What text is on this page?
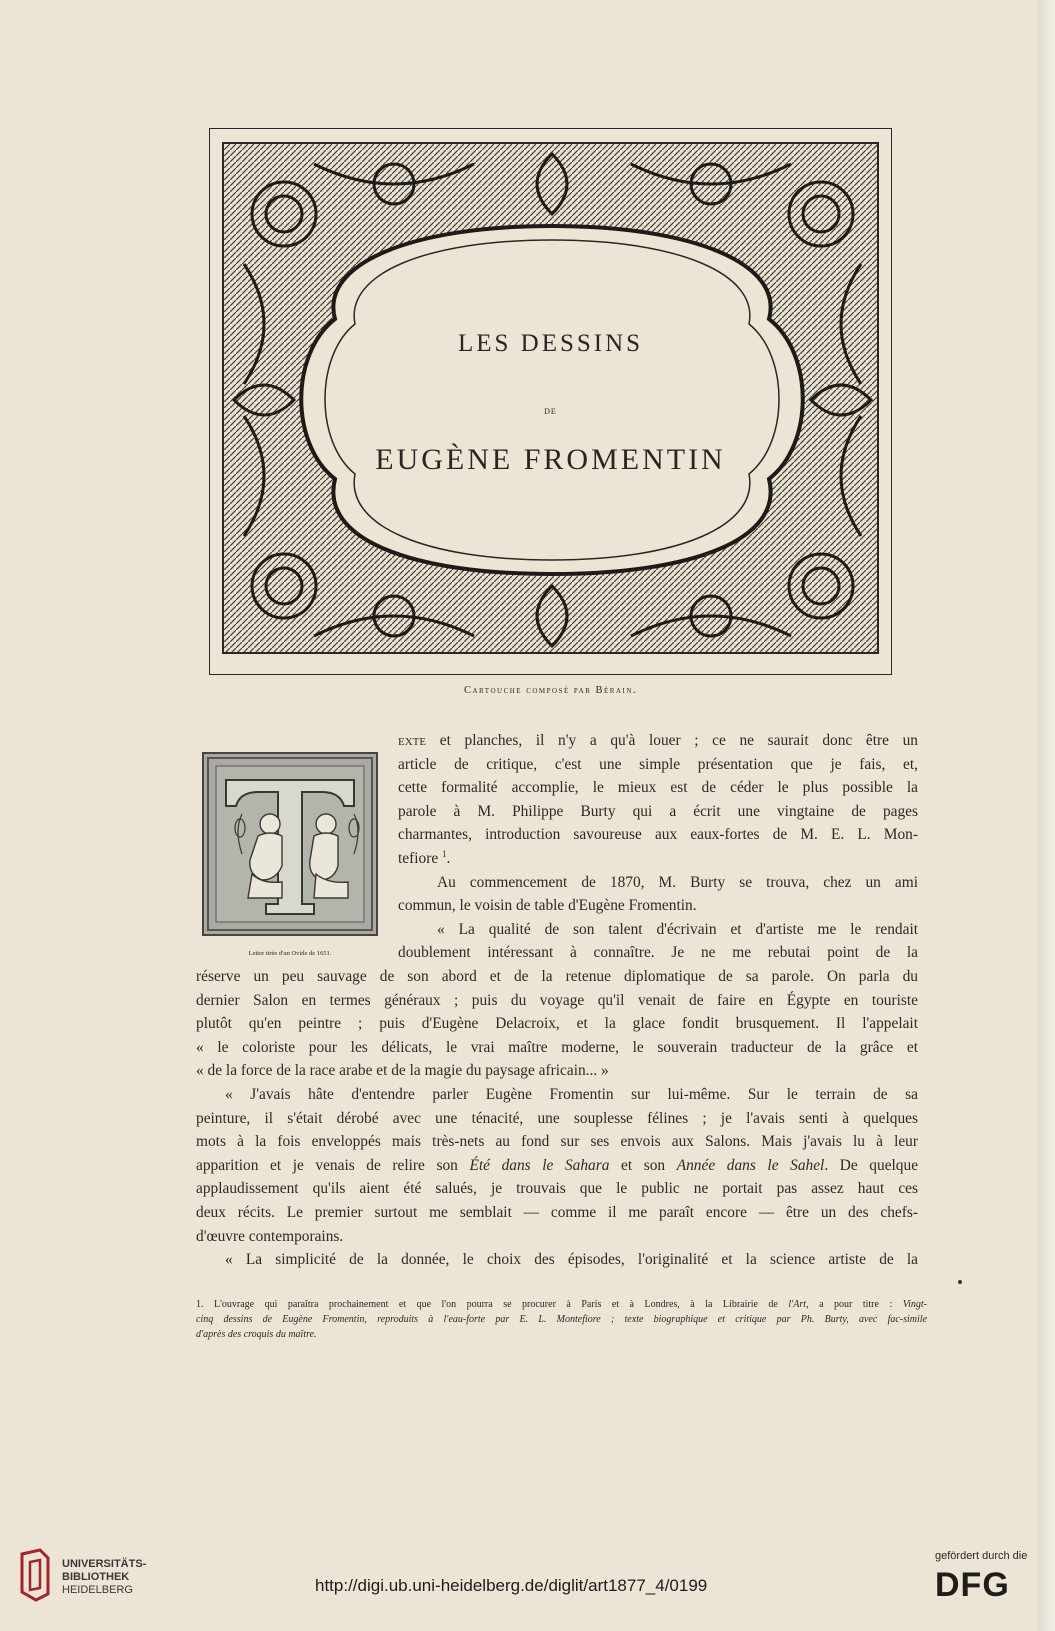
LES DESSINS
DE
EUGÈNE FROMENTIN
Cartouche composé par Bérain.
Lettre tirée d'un Ovide de 1651.
exte et planches, il n'y a qu'à louer ; ce ne saurait donc être un
article de critique, c'est une simple présentation que je fais, et,
cette formalité accomplie, le mieux est de céder le plus possible la
parole à M. Philippe Burty qui a écrit une vingtaine de pages
charmantes, introduction savoureuse aux eaux-fortes de M. E. L. Mon-
tefiore $^1$.
Au commencement de 1870, M. Burty se trouva, chez un ami
commun, le voisin de table d'Eugène Fromentin.
« La qualité de son talent d'écrivain et d'artiste me le rendait
doublement intéressant à connaître. Je ne me rebutai point de la
réserve un peu sauvage de son abord et de la retenue diplomatique de sa parole. On parla du
dernier Salon en termes généraux ; puis du voyage qu'il venait de faire en Égypte en touriste
plutôt qu'en peintre ; puis d'Eugène Delacroix, et la glace fondit brusquement. Il l'appelait
« le coloriste pour les délicats, le vrai maître moderne, le souverain traducteur de la grâce et
« de la force de la race arabe et de la magie du paysage africain... »
« J'avais hâte d'entendre parler Eugène Fromentin sur lui-même. Sur le terrain de sa
peinture, il s'était dérobé avec une ténacité, une souplesse félines ; je l'avais senti à quelques
mots à la fois enveloppés mais très-nets au fond sur ses envois aux Salons. Mais j'avais lu à leur
apparition et je venais de relire son Été dans le Sahara et son Année dans le Sahel. De quelque
applaudissement qu'ils aient été salués, je trouvais que le public ne portait pas assez haut ces
deux récits. Le premier surtout me semblait — comme il me paraît encore — être un des chefs-
d'œuvre contemporains.
« La simplicité de la donnée, le choix des épisodes, l'originalité et la science artiste de la
1. L'ouvrage qui paraîtra prochainement et que l'on pourra se procurer à Paris et à Londres, à la Librairie de l'Art, a pour titre : Vingt-
cinq dessins de Eugène Fromentin, reproduits à l'eau-forte par E. L. Montefiore ; texte biographique et critique par Ph. Burty, avec fac-simile
d'après des croquis du maître.
UNIVERSITÄTS-
BIBLIOTHEK
HEIDELBERG	http://digi.ub.uni-heidelberg.de/diglit/art1877_4/0199
gefördert durch die
DFG
